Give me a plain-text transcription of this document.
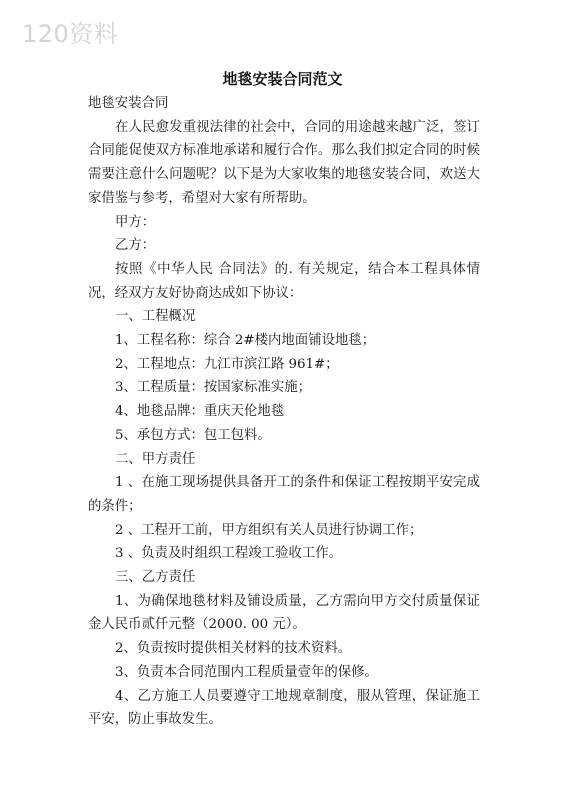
120资料
地毯安装合同范文

地毯安装合同

在人民愈发重视法律的社会中，合同的用途越来越广泛，签订合同能促使双方标准地承诺和履行合作。那么我们拟定合同的时候需要注意什么问题呢？以下是为大家收集的地毯安装合同，欢送大家借鉴与参考，希望对大家有所帮助。

甲方：

乙方：

按照《中华人民 合同法》的. 有关规定，结合本工程具体情况，经双方友好协商达成如下协议：

一、工程概况

1、工程名称：综合 2#楼内地面铺设地毯；

2、工程地点：九江市滨江路 961#；

3、工程质量：按国家标准实施；

4、地毯品牌：重庆天伦地毯

5、承包方式：包工包料。

二、甲方责任

1 、在施工现场提供具备开工的条件和保证工程按期平安完成的条件；

2 、工程开工前，甲方组织有关人员进行协调工作；

3 、负责及时组织工程竣工验收工作。

三、乙方责任

1、为确保地毯材料及铺设质量，乙方需向甲方交付质量保证金人民币贰仟元整（2000. 00 元）。

2、负责按时提供相关材料的技术资料。

3、负责本合同范围内工程质量壹年的保修。

4、乙方施工人员要遵守工地规章制度，服从管理，保证施工平安，防止事故发生。
